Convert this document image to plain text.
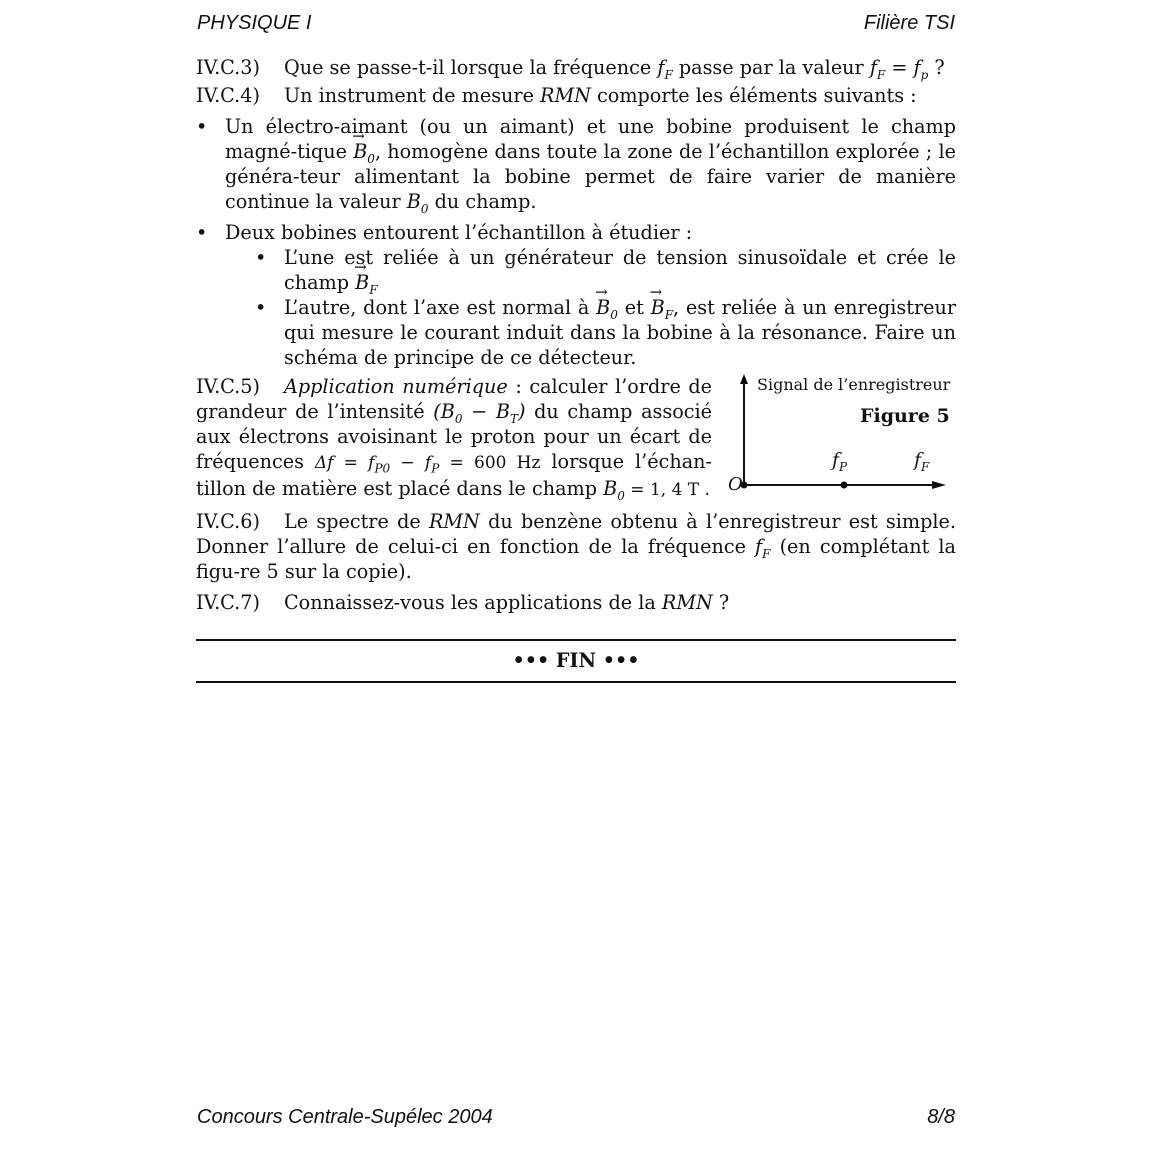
PHYSIQUE I	Filière TSI
IV.C.3)	Que se passe-t-il lorsque la fréquence $f_F$ passe par la valeur $f_F = f_p$ ?
IV.C.4)	Un instrument de mesure RMN comporte les éléments suivants :
• Un électro-aimant (ou un aimant) et une bobine produisent le champ magné-tique → $B_0$, homogène dans toute la zone de l’échantillon explorée ; le généra-teur alimentant la bobine permet de faire varier de manière continue la valeur $B_0$ du champ.
• Deux bobines entourent l’échantillon à étudier :
• L’une est reliée à un générateur de tension sinusoïdale et crée le champ → $B_F$
• L’autre, dont l’axe est normal à → $B_0$ et → $B_F$, est reliée à un enregistreur qui mesure le courant induit dans la bobine à la résonance. Faire un schéma de principe de ce détecteur.
IV.C.5) Application numérique : calculer l’ordre de grandeur de l’intensité $(B_0 - B_T)$ du champ associé aux électrons avoisinant le proton pour un écart de fréquences $\Delta f = f_{P0} - f_P = 600$ Hz lorsque l’échan-tillon de matière est placé dans le champ $B_0 = 1$, 4 T .
Signal de l’enregistreur
Figure 5
O
$f_P$	$f_F$
IV.C.6) Le spectre de RMN du benzène obtenu à l’enregistreur est simple. Donner l’allure de celui-ci en fonction de la fréquence $f_F$ (en complétant la figu-re 5 sur la copie).
IV.C.7)	Connaissez-vous les applications de la RMN ?
••• FIN •••
Concours Centrale-Supélec 2004	8/8
